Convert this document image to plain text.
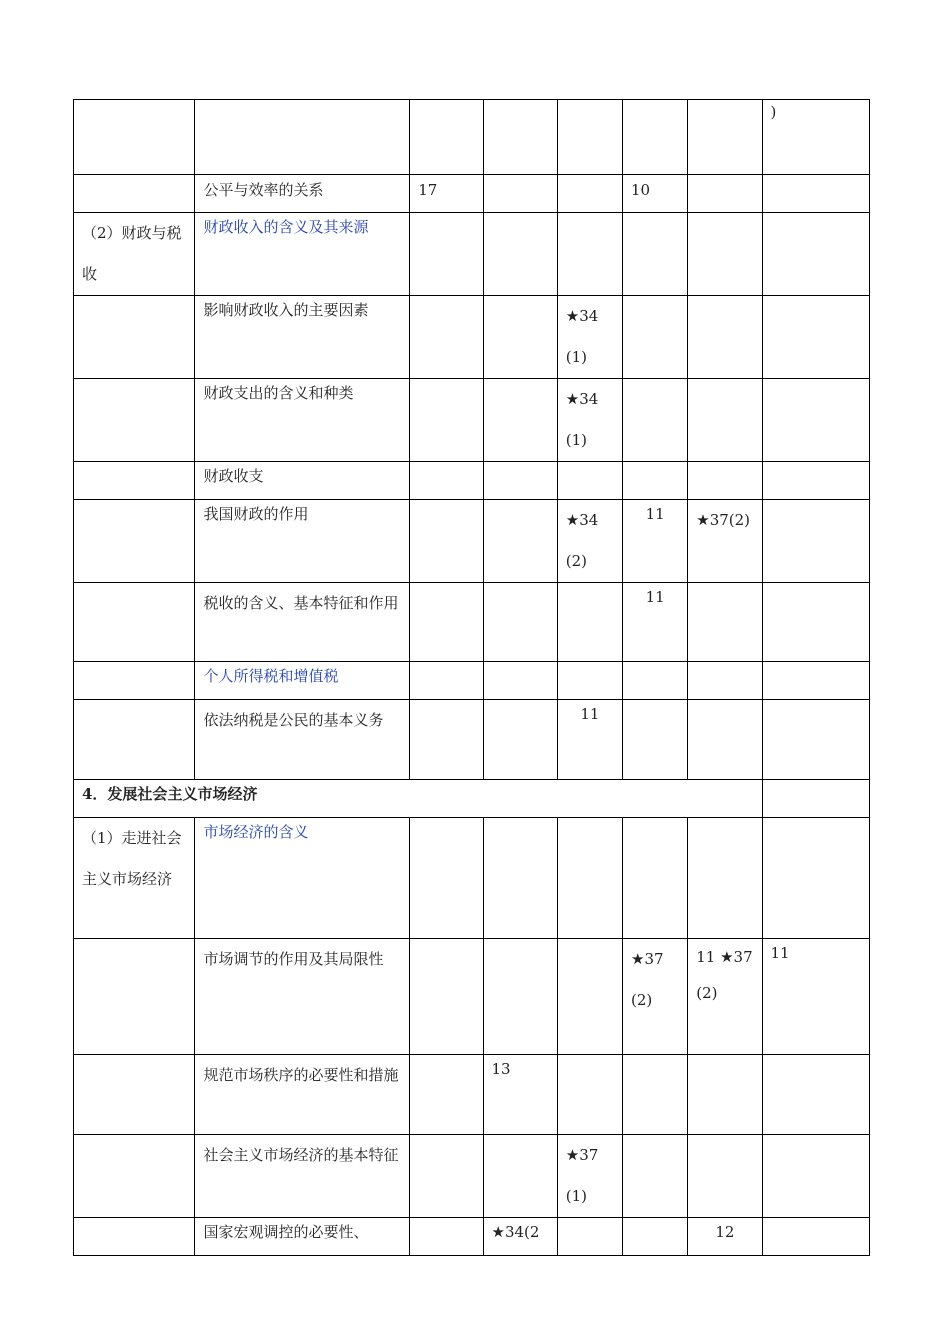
							)
	公平与效率的关系	17			10		
（2）财政与税收	财政收入的含义及其来源						
	影响财政收入的主要因素			★34(1)			
	财政支出的含义和种类			★34(1)			
	财政收支						
	我国财政的作用			★34(2)	11	★37(2)	
	税收的含义、基本特征和作用				11		
	个人所得税和增值税						
	依法纳税是公民的基本义务			11			
4．发展社会主义市场经济							
（1）走进社会主义市场经济	市场经济的含义						
	市场调节的作用及其局限性				★37(2)	11 ★37(2)	11
	规范市场秩序的必要性和措施		13				
	社会主义市场经济的基本特征			★37(1)			
	国家宏观调控的必要性、		★34(2			12	
